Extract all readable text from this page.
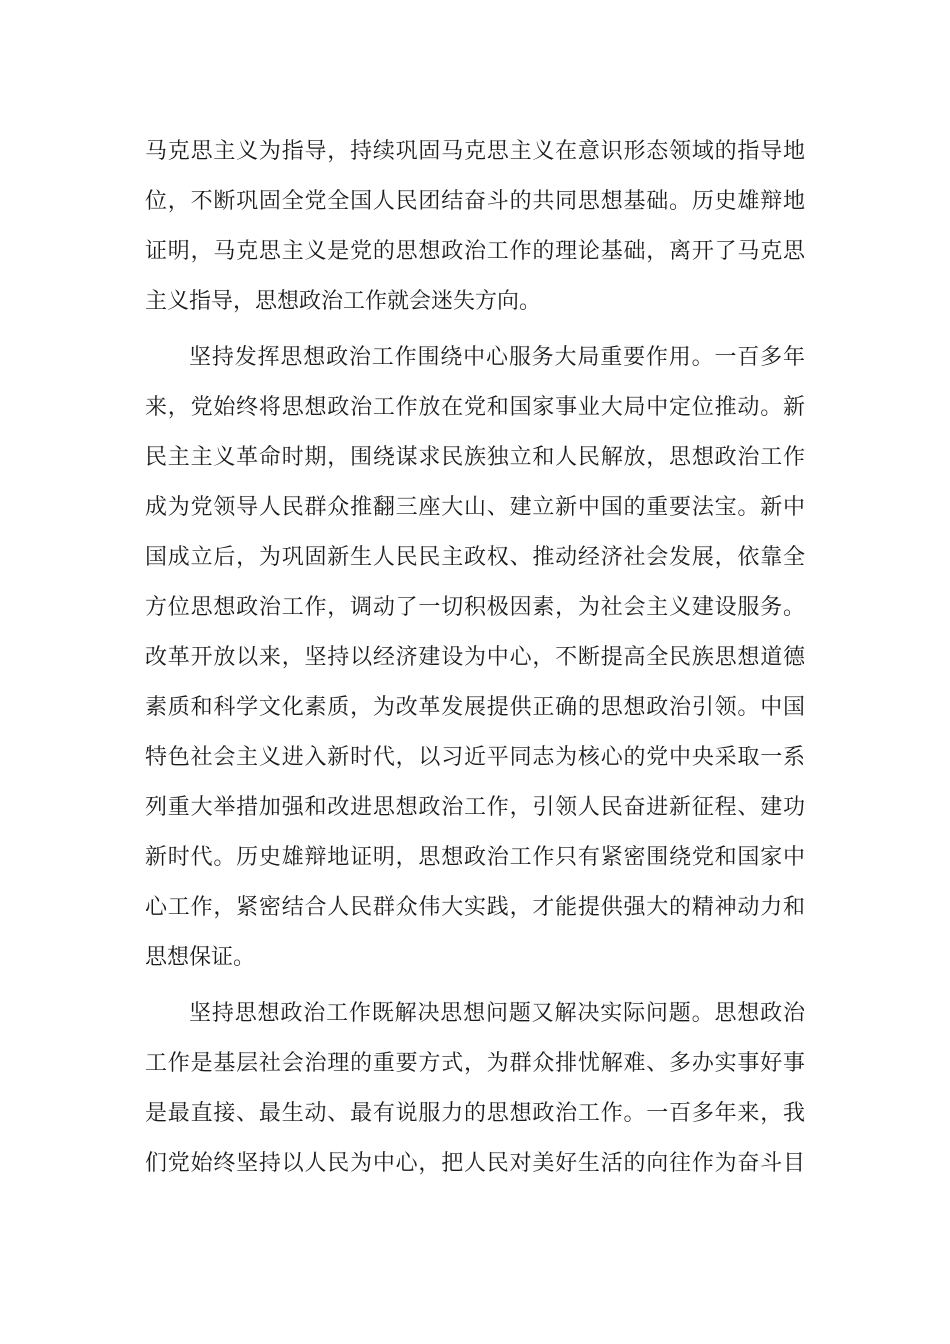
马克思主义为指导，持续巩固马克思主义在意识形态领域的指导地
位，不断巩固全党全国人民团结奋斗的共同思想基础。历史雄辩地
证明，马克思主义是党的思想政治工作的理论基础，离开了马克思
主义指导，思想政治工作就会迷失方向。
坚持发挥思想政治工作围绕中心服务大局重要作用。一百多年
来，党始终将思想政治工作放在党和国家事业大局中定位推动。新
民主主义革命时期，围绕谋求民族独立和人民解放，思想政治工作
成为党领导人民群众推翻三座大山、建立新中国的重要法宝。新中
国成立后，为巩固新生人民民主政权、推动经济社会发展，依靠全
方位思想政治工作，调动了一切积极因素，为社会主义建设服务。
改革开放以来，坚持以经济建设为中心，不断提高全民族思想道德
素质和科学文化素质，为改革发展提供正确的思想政治引领。中国
特色社会主义进入新时代，以习近平同志为核心的党中央采取一系
列重大举措加强和改进思想政治工作，引领人民奋进新征程、建功
新时代。历史雄辩地证明，思想政治工作只有紧密围绕党和国家中
心工作，紧密结合人民群众伟大实践，才能提供强大的精神动力和
思想保证。
坚持思想政治工作既解决思想问题又解决实际问题。思想政治
工作是基层社会治理的重要方式，为群众排忧解难、多办实事好事
是最直接、最生动、最有说服力的思想政治工作。一百多年来，我
们党始终坚持以人民为中心，把人民对美好生活的向往作为奋斗目
